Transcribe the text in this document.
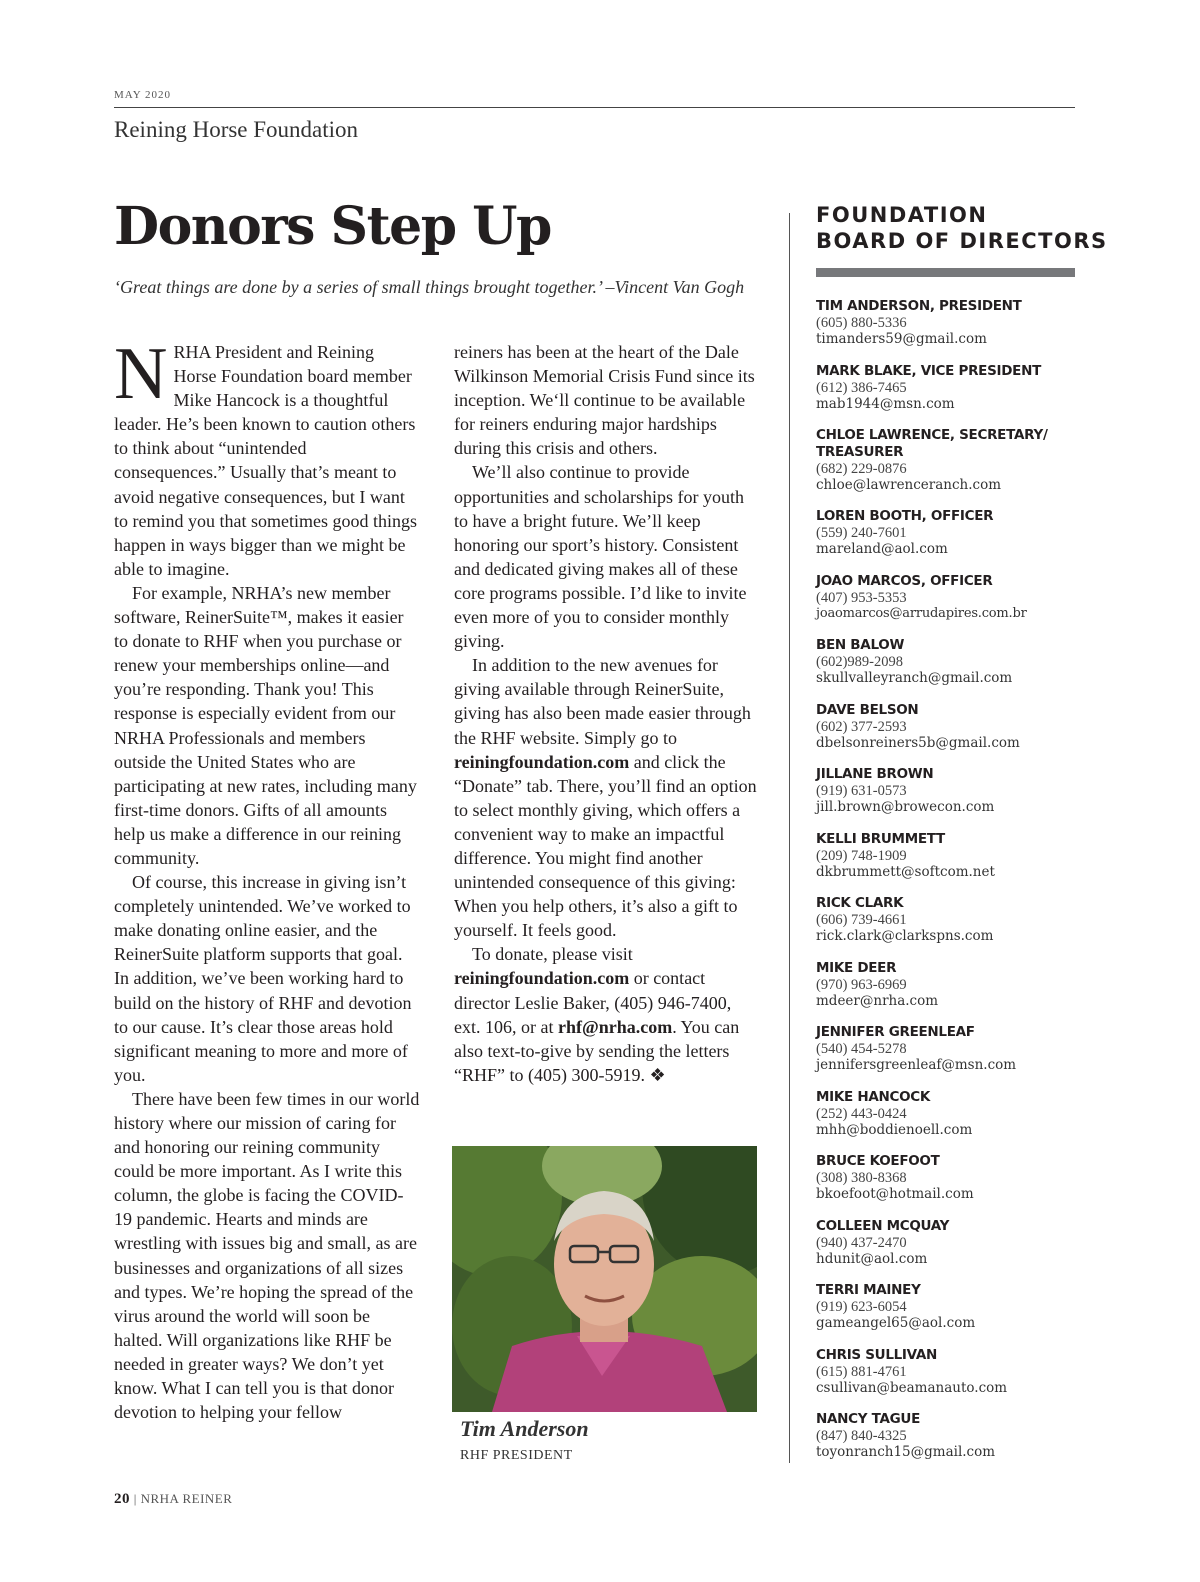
MAY 2020
Reining Horse Foundation
Donors Step Up
‘Great things are done by a series of small things brought together.’ –Vincent Van Gogh

NRHA President and Reining Horse Foundation board member Mike Hancock is a thoughtful leader. He’s been known to caution others to think about “unintended consequences.” Usually that’s meant to avoid negative consequences, but I want to remind you that sometimes good things happen in ways bigger than we might be able to imagine.

For example, NRHA’s new member software, ReinerSuite™, makes it easier to donate to RHF when you purchase or renew your memberships online—and you’re responding. Thank you! This response is especially evident from our NRHA Professionals and members outside the United States who are participating at new rates, including many first-time donors. Gifts of all amounts help us make a difference in our reining community.

Of course, this increase in giving isn’t completely unintended. We’ve worked to make donating online easier, and the ReinerSuite platform supports that goal. In addition, we’ve been working hard to build on the history of RHF and devotion to our cause. It’s clear those areas hold significant meaning to more and more of you.

There have been few times in our world history where our mission of caring for and honoring our reining community could be more important. As I write this column, the globe is facing the COVID-19 pandemic. Hearts and minds are wrestling with issues big and small, as are businesses and organizations of all sizes and types. We’re hoping the spread of the virus around the world will soon be halted. Will organizations like RHF be needed in greater ways? We don’t yet know. What I can tell you is that donor devotion to helping your fellow

reiners has been at the heart of the Dale Wilkinson Memorial Crisis Fund since its inception. We‘ll continue to be available for reiners enduring major hardships during this crisis and others.

We’ll also continue to provide opportunities and scholarships for youth to have a bright future. We’ll keep honoring our sport’s history. Consistent and dedicated giving makes all of these core programs possible. I’d like to invite even more of you to consider monthly giving.

In addition to the new avenues for giving available through ReinerSuite, giving has also been made easier through the RHF website. Simply go to reiningfoundation.com and click the “Donate” tab. There, you’ll find an option to select monthly giving, which offers a convenient way to make an impactful difference. You might find another unintended consequence of this giving: When you help others, it’s also a gift to yourself. It feels good.

To donate, please visit reiningfoundation.com or contact director Leslie Baker, (405) 946-7400, ext. 106, or at rhf@nrha.com. You can also text-to-give by sending the letters “RHF” to (405) 300-5919. ❖

Tim Anderson
RHF PRESIDENT
FOUNDATION
BOARD OF DIRECTORS
TIM ANDERSON, PRESIDENT
(605) 880-5336
timanders59@gmail.com
MARK BLAKE, VICE PRESIDENT
(612) 386-7465
mab1944@msn.com
CHLOE LAWRENCE, SECRETARY/ TREASURER
(682) 229-0876
chloe@lawrenceranch.com
LOREN BOOTH, OFFICER
(559) 240-7601
mareland@aol.com
JOAO MARCOS, OFFICER
(407) 953-5353
joaomarcos@arrudapires.com.br
BEN BALOW
(602)989-2098
skullvalleyranch@gmail.com
DAVE BELSON
(602) 377-2593
dbelsonreiners5b@gmail.com
JILLANE BROWN
(919) 631-0573
jill.brown@browecon.com
KELLI BRUMMETT
(209) 748-1909
dkbrummett@softcom.net
RICK CLARK
(606) 739-4661
rick.clark@clarkspns.com
MIKE DEER
(970) 963-6969
mdeer@nrha.com
JENNIFER GREENLEAF
(540) 454-5278
jennifersgreenleaf@msn.com
MIKE HANCOCK
(252) 443-0424
mhh@boddienoell.com
BRUCE KOEFOOT
(308) 380-8368
bkoefoot@hotmail.com
COLLEEN MCQUAY
(940) 437-2470
hdunit@aol.com
TERRI MAINEY
(919) 623-6054
gameangel65@aol.com
CHRIS SULLIVAN
(615) 881-4761
csullivan@beamanauto.com
NANCY TAGUE
(847) 840-4325
toyonranch15@gmail.com
20 | NRHA REINER
